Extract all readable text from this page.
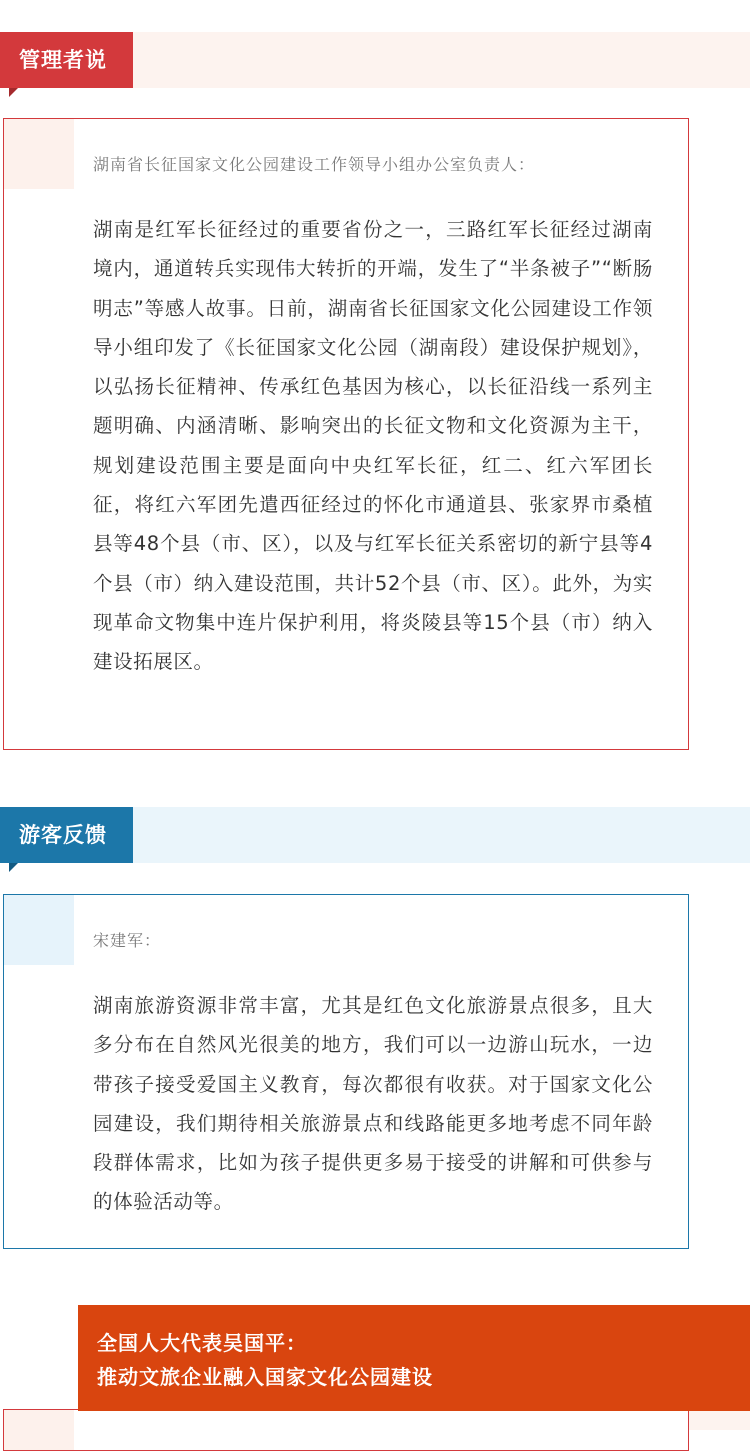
管理者说
湖南省长征国家文化公园建设工作领导小组办公室负责人：
湖南是红军长征经过的重要省份之一，三路红军长征经过湖南境内，通道转兵实现伟大转折的开端，发生了“半条被子”“断肠明志”等感人故事。日前，湖南省长征国家文化公园建设工作领导小组印发了《长征国家文化公园（湖南段）建设保护规划》，以弘扬长征精神、传承红色基因为核心，以长征沿线一系列主题明确、内涵清晰、影响突出的长征文物和文化资源为主干，规划建设范围主要是面向中央红军长征，红二、红六军团长征，将红六军团先遣西征经过的怀化市通道县、张家界市桑植县等48个县（市、区），以及与红军长征关系密切的新宁县等4个县（市）纳入建设范围，共计52个县（市、区）。此外，为实现革命文物集中连片保护利用，将炎陵县等15个县（市）纳入建设拓展区。
游客反馈
宋建军：
湖南旅游资源非常丰富，尤其是红色文化旅游景点很多，且大多分布在自然风光很美的地方，我们可以一边游山玩水，一边带孩子接受爱国主义教育，每次都很有收获。对于国家文化公园建设，我们期待相关旅游景点和线路能更多地考虑不同年龄段群体需求，比如为孩子提供更多易于接受的讲解和可供参与的体验活动等。
全国人大代表吴国平：
推动文旅企业融入国家文化公园建设
